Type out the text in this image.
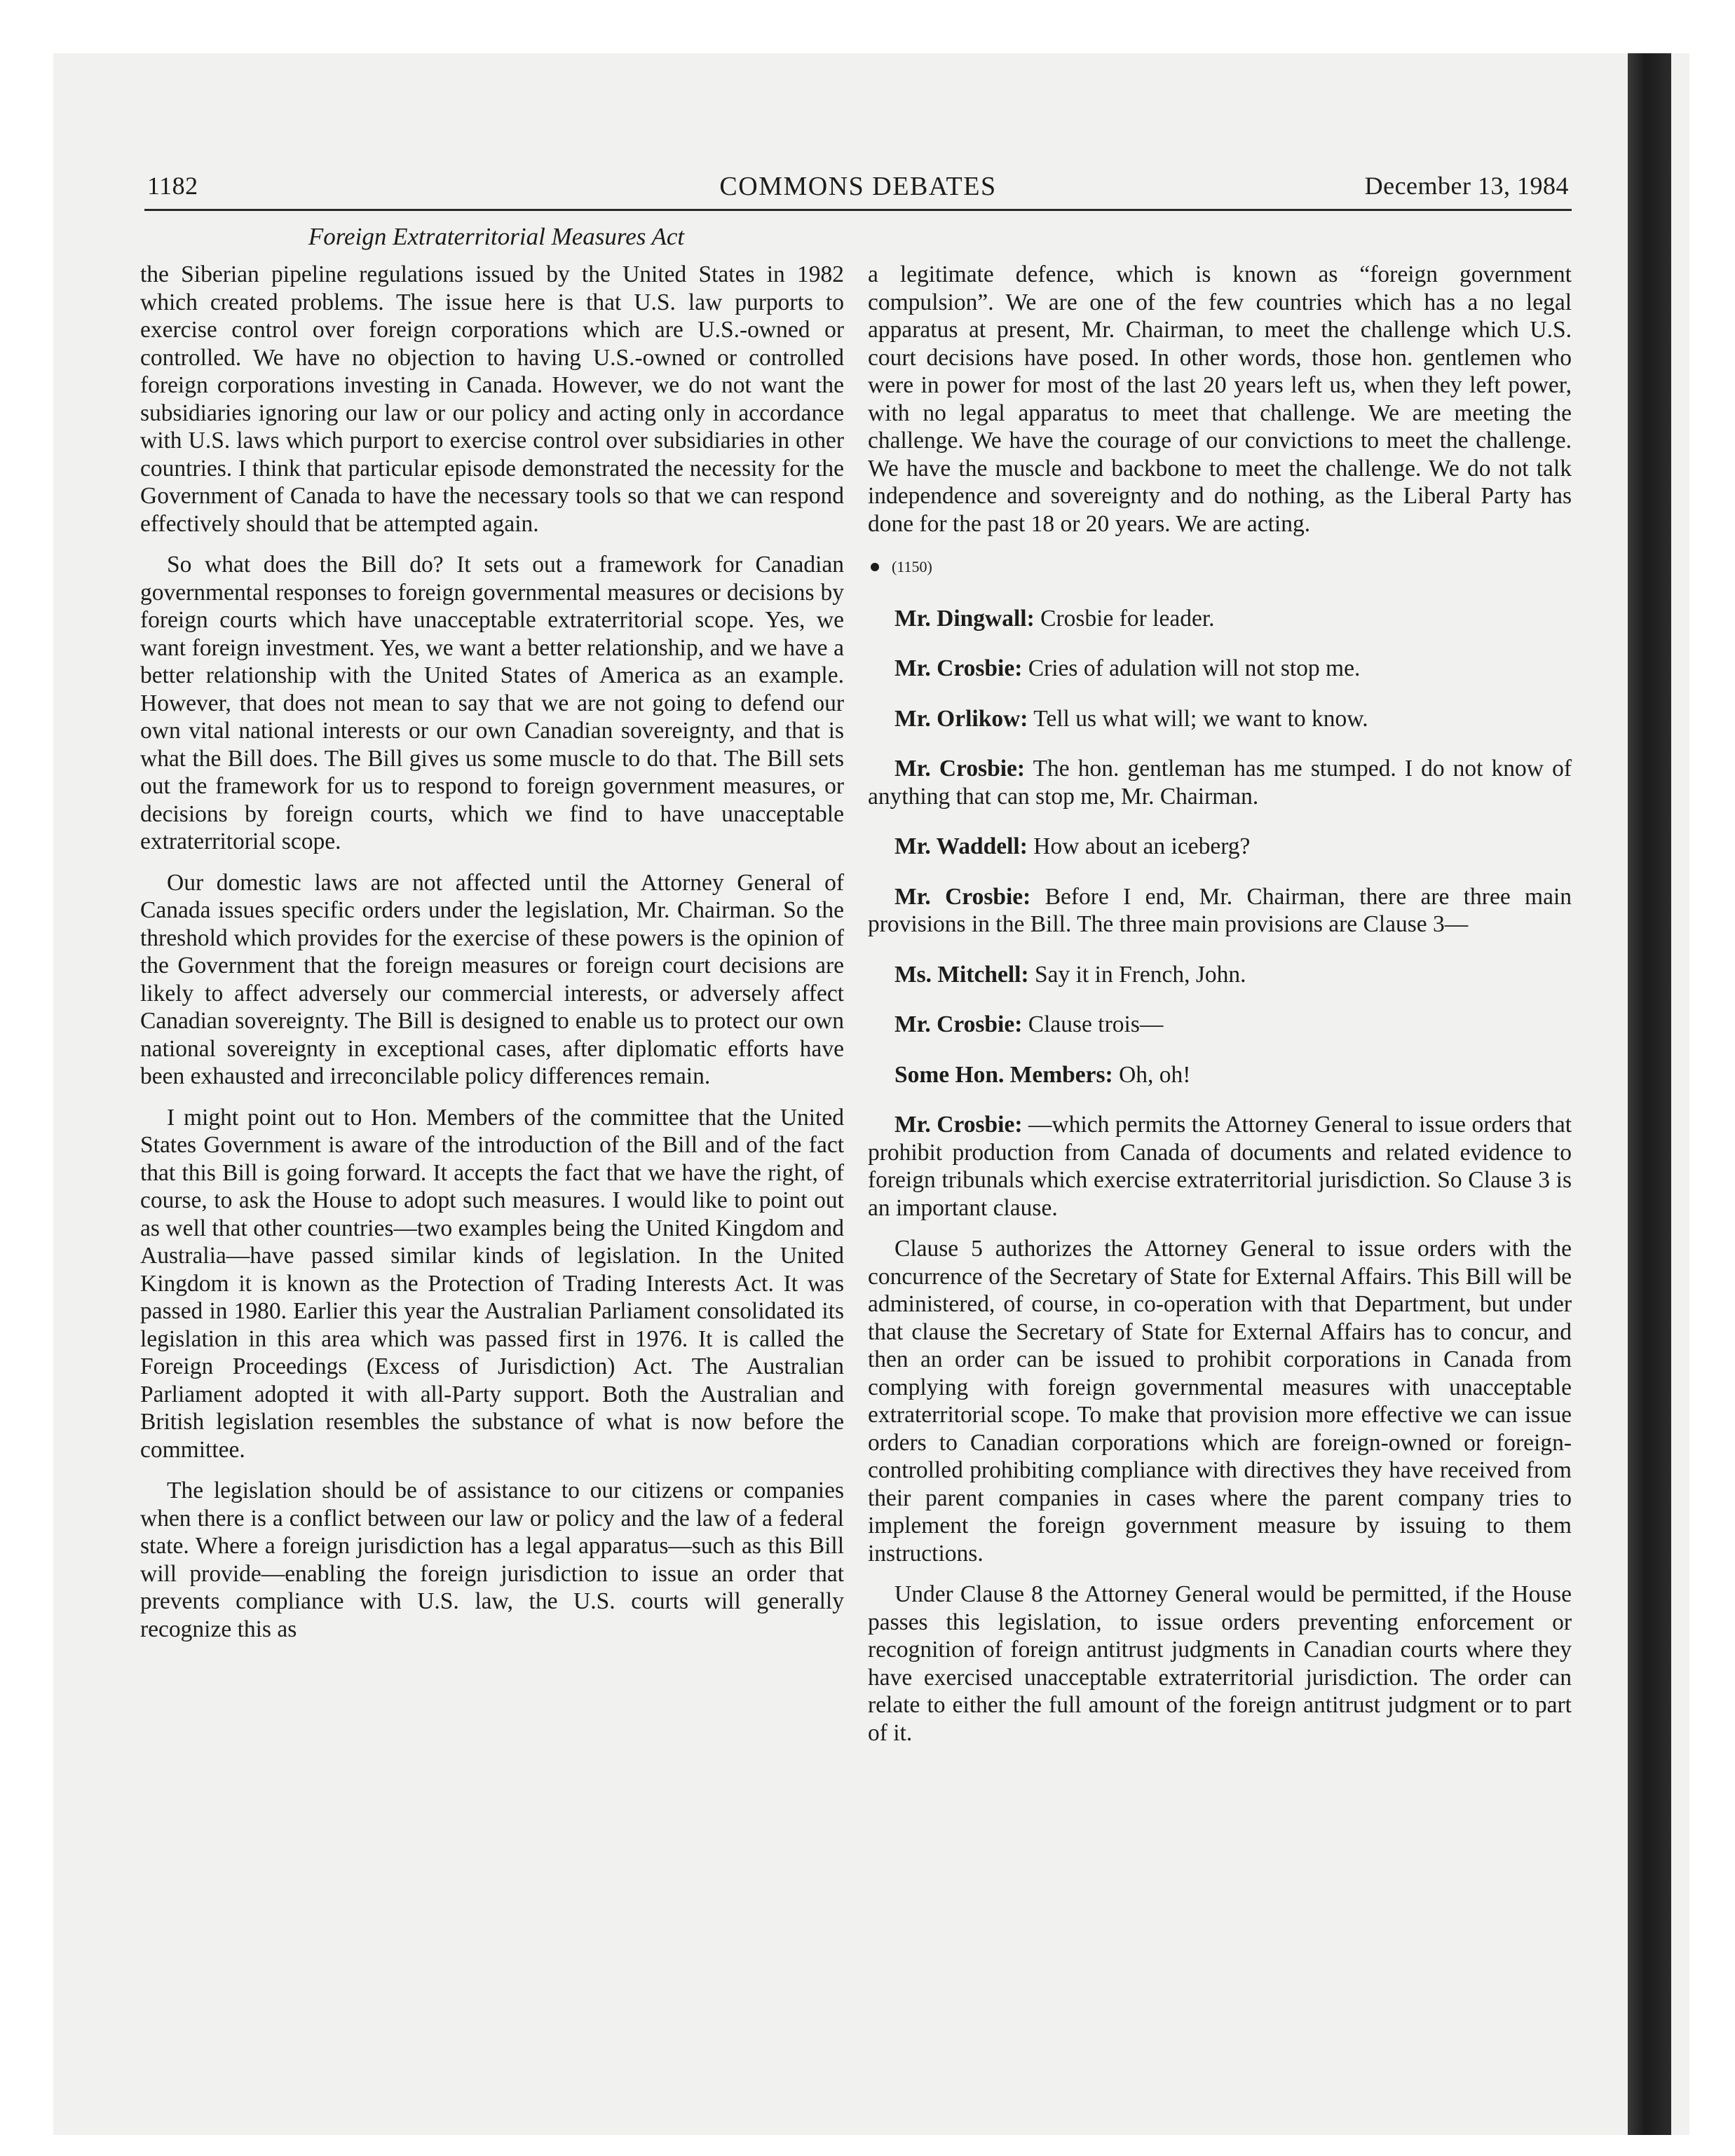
1182	COMMONS DEBATES	December 13, 1984
Foreign Extraterritorial Measures Act

the Siberian pipeline regulations issued by the United States in 1982 which created problems. The issue here is that U.S. law purports to exercise control over foreign corporations which are U.S.-owned or controlled. We have no objection to having U.S.-owned or controlled foreign corporations investing in Canada. However, we do not want the subsidiaries ignoring our law or our policy and acting only in accordance with U.S. laws which purport to exercise control over subsidiaries in other countries. I think that particular episode demonstrated the necessity for the Government of Canada to have the necessary tools so that we can respond effectively should that be attempted again.

So what does the Bill do? It sets out a framework for Canadian governmental responses to foreign governmental measures or decisions by foreign courts which have unacceptable extraterritorial scope. Yes, we want foreign investment. Yes, we want a better relationship, and we have a better relationship with the United States of America as an example. However, that does not mean to say that we are not going to defend our own vital national interests or our own Canadian sovereignty, and that is what the Bill does. The Bill gives us some muscle to do that. The Bill sets out the framework for us to respond to foreign government measures, or decisions by foreign courts, which we find to have unacceptable extraterritorial scope.

Our domestic laws are not affected until the Attorney General of Canada issues specific orders under the legislation, Mr. Chairman. So the threshold which provides for the exercise of these powers is the opinion of the Government that the foreign measures or foreign court decisions are likely to affect adversely our commercial interests, or adversely affect Canadian sovereignty. The Bill is designed to enable us to protect our own national sovereignty in exceptional cases, after diplomatic efforts have been exhausted and irreconcilable policy differences remain.

I might point out to Hon. Members of the committee that the United States Government is aware of the introduction of the Bill and of the fact that this Bill is going forward. It accepts the fact that we have the right, of course, to ask the House to adopt such measures. I would like to point out as well that other countries—two examples being the United Kingdom and Australia—have passed similar kinds of legislation. In the United Kingdom it is known as the Protection of Trading Interests Act. It was passed in 1980. Earlier this year the Australian Parliament consolidated its legislation in this area which was passed first in 1976. It is called the Foreign Proceedings (Excess of Jurisdiction) Act. The Australian Parliament adopted it with all-Party support. Both the Australian and British legislation resembles the substance of what is now before the committee.

The legislation should be of assistance to our citizens or companies when there is a conflict between our law or policy and the law of a federal state. Where a foreign jurisdiction has a legal apparatus—such as this Bill will provide—enabling the foreign jurisdiction to issue an order that prevents compliance with U.S. law, the U.S. courts will generally recognize this as

a legitimate defence, which is known as “foreign government compulsion”. We are one of the few countries which has a no legal apparatus at present, Mr. Chairman, to meet the challenge which U.S. court decisions have posed. In other words, those hon. gentlemen who were in power for most of the last 20 years left us, when they left power, with no legal apparatus to meet that challenge. We are meeting the challenge. We have the courage of our convictions to meet the challenge. We have the muscle and backbone to meet the challenge. We do not talk independence and sovereignty and do nothing, as the Liberal Party has done for the past 18 or 20 years. We are acting.

(1150)

Mr. Dingwall: Crosbie for leader.

Mr. Crosbie: Cries of adulation will not stop me.

Mr. Orlikow: Tell us what will; we want to know.

Mr. Crosbie: The hon. gentleman has me stumped. I do not know of anything that can stop me, Mr. Chairman.

Mr. Waddell: How about an iceberg?

Mr. Crosbie: Before I end, Mr. Chairman, there are three main provisions in the Bill. The three main provisions are Clause 3—

Ms. Mitchell: Say it in French, John.

Mr. Crosbie: Clause trois—

Some Hon. Members: Oh, oh!

Mr. Crosbie: —which permits the Attorney General to issue orders that prohibit production from Canada of documents and related evidence to foreign tribunals which exercise extraterritorial jurisdiction. So Clause 3 is an important clause.

Clause 5 authorizes the Attorney General to issue orders with the concurrence of the Secretary of State for External Affairs. This Bill will be administered, of course, in co-operation with that Department, but under that clause the Secretary of State for External Affairs has to concur, and then an order can be issued to prohibit corporations in Canada from complying with foreign governmental measures with unacceptable extraterritorial scope. To make that provision more effective we can issue orders to Canadian corporations which are foreign-owned or foreign-controlled prohibiting compliance with directives they have received from their parent companies in cases where the parent company tries to implement the foreign government measure by issuing to them instructions.

Under Clause 8 the Attorney General would be permitted, if the House passes this legislation, to issue orders preventing enforcement or recognition of foreign antitrust judgments in Canadian courts where they have exercised unacceptable extraterritorial jurisdiction. The order can relate to either the full amount of the foreign antitrust judgment or to part of it.
